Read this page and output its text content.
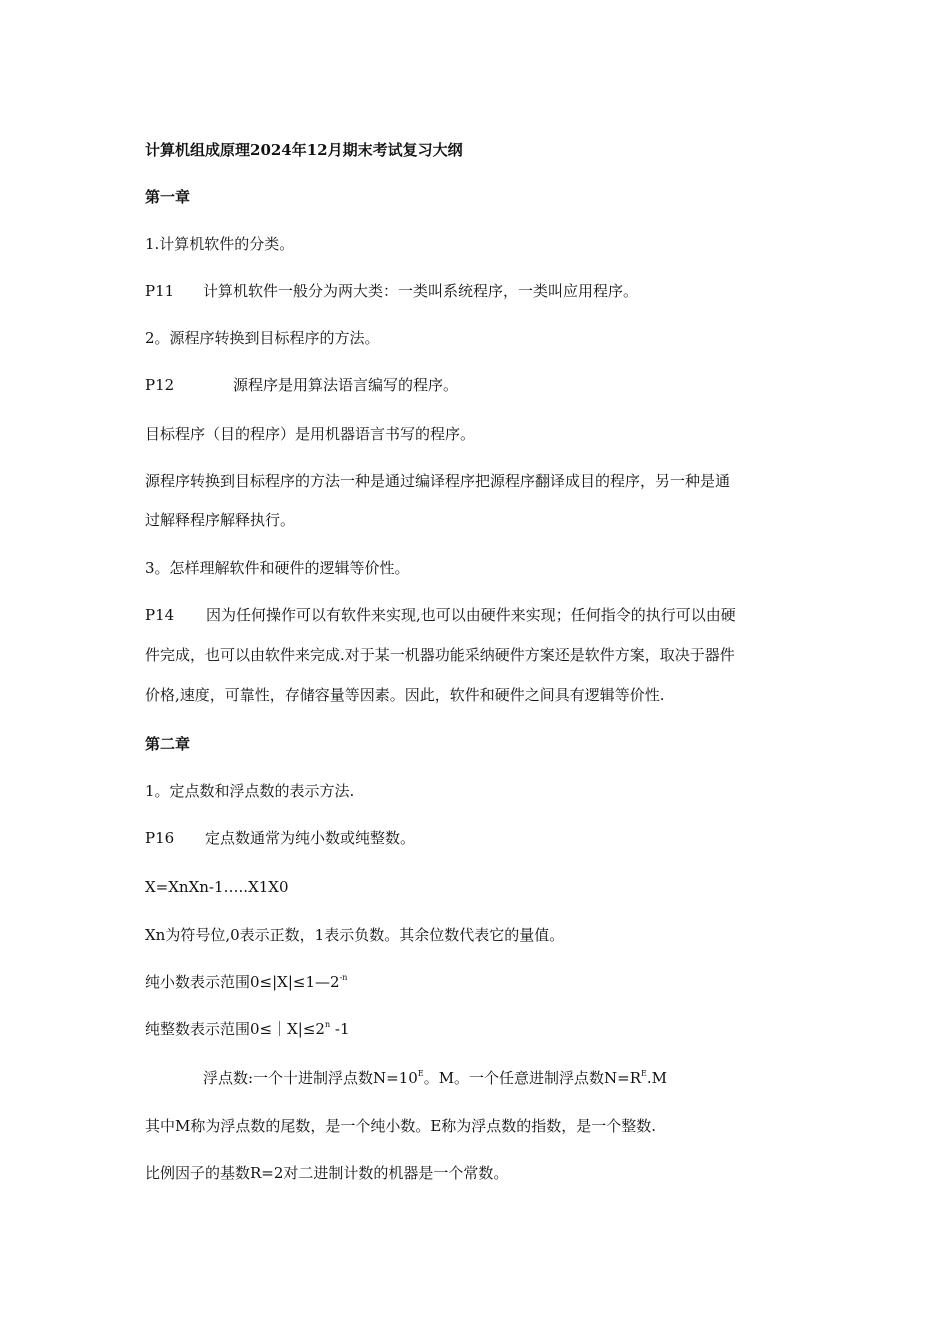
计算机组成原理2024年12月期末考试复习大纲
第一章
1.计算机软件的分类。
P11 计算机软件一般分为两大类：一类叫系统程序，一类叫应用程序。
2。源程序转换到目标程序的方法。
P12	源程序是用算法语言编写的程序。
目标程序（目的程序）是用机器语言书写的程序。
源程序转换到目标程序的方法一种是通过编译程序把源程序翻译成目的程序，另一种是通
过解释程序解释执行。
3。怎样理解软件和硬件的逻辑等价性。
P14 因为任何操作可以有软件来实现,也可以由硬件来实现；任何指令的执行可以由硬
件完成，也可以由软件来完成.对于某一机器功能采纳硬件方案还是软件方案，取决于器件
价格,速度，可靠性，存储容量等因素。因此，软件和硬件之间具有逻辑等价性.
第二章
1。定点数和浮点数的表示方法.
P16 定点数通常为纯小数或纯整数。
X=XnXn-1…..X1X0
Xn为符号位,0表示正数，1表示负数。其余位数代表它的量值。
纯小数表示范围$0\le|X|\le 1—2^{-n}$
纯整数表示范围$0\le|X|\le 2^n$ -1
浮点数:一个十进制浮点数$N=10^E$。M。一个任意进制浮点数$N=R^E.M$
其中M称为浮点数的尾数，是一个纯小数。E称为浮点数的指数，是一个整数.
比例因子的基数R=2对二进制计数的机器是一个常数。
